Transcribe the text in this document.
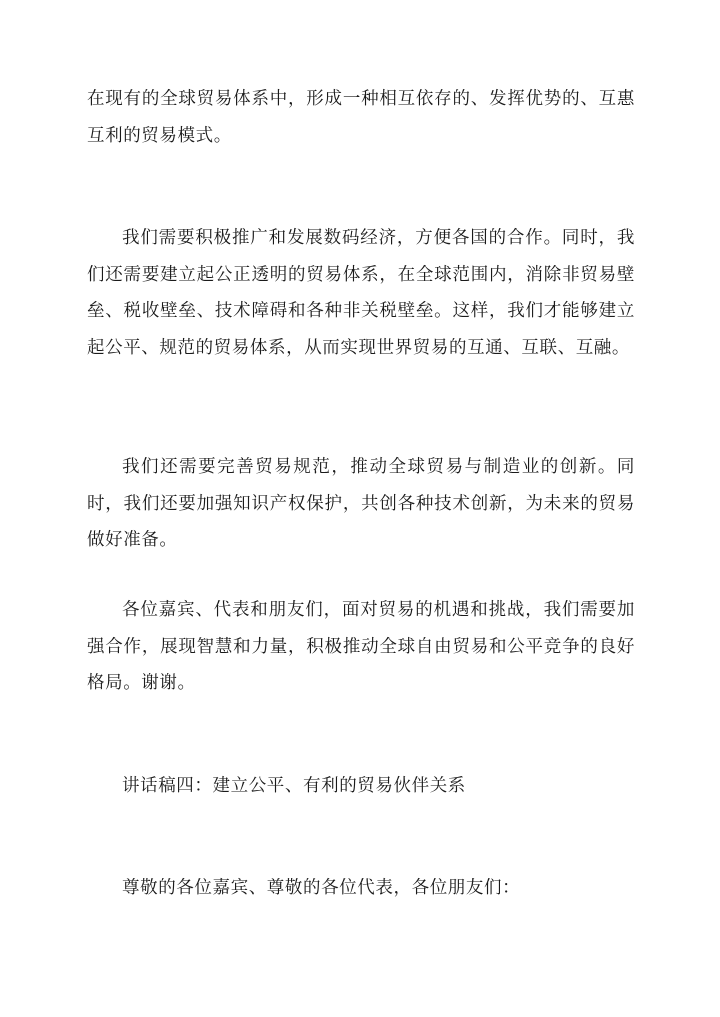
在现有的全球贸易体系中，形成一种相互依存的、发挥优势的、互惠互利的贸易模式。

我们需要积极推广和发展数码经济，方便各国的合作。同时，我们还需要建立起公正透明的贸易体系，在全球范围内，消除非贸易壁垒、税收壁垒、技术障碍和各种非关税壁垒。这样，我们才能够建立起公平、规范的贸易体系，从而实现世界贸易的互通、互联、互融。

我们还需要完善贸易规范，推动全球贸易与制造业的创新。同时，我们还要加强知识产权保护，共创各种技术创新，为未来的贸易做好准备。

各位嘉宾、代表和朋友们，面对贸易的机遇和挑战，我们需要加强合作，展现智慧和力量，积极推动全球自由贸易和公平竞争的良好格局。谢谢。

讲话稿四：建立公平、有利的贸易伙伴关系

尊敬的各位嘉宾、尊敬的各位代表，各位朋友们：
